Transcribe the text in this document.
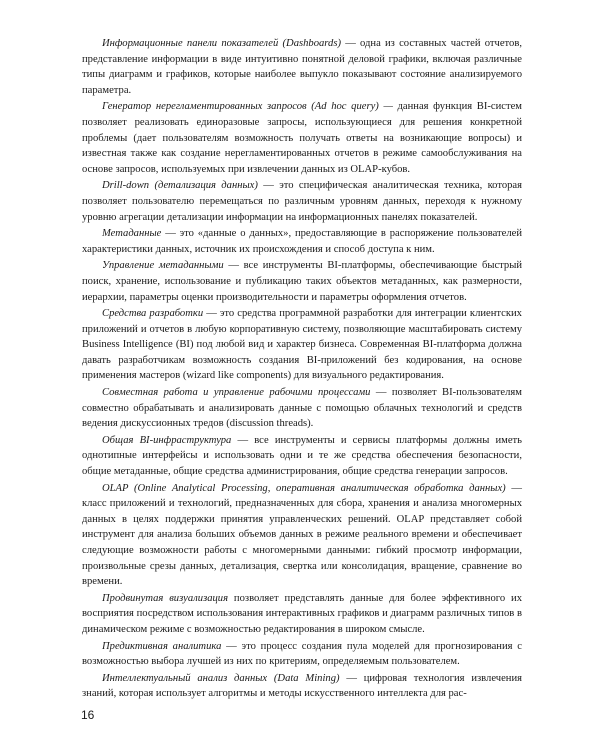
Информационные панели показателей (Dashboards) — одна из составных частей отчетов, представление информации в виде интуитивно понятной деловой графики, включая различные типы диаграмм и графиков, которые наиболее выпукло показывают состояние анализируемого параметра.

Генератор нерегламентированных запросов (Ad hoc query) — данная функция BI-систем позволяет реализовать единоразовые запросы, использующиеся для решения конкретной проблемы (дает пользователям возможность получать ответы на возникающие вопросы) и известная также как создание нерегламентированных отчетов в режиме самообслуживания на основе запросов, используемых при извлечении данных из OLAP-кубов.

Drill-down (детализация данных) — это специфическая аналитическая техника, которая позволяет пользователю перемещаться по различным уровням данных, переходя к нужному уровню агрегации детализации информации на информационных панелях показателей.

Метаданные — это «данные о данных», предоставляющие в распоряжение пользователей характеристики данных, источник их происхождения и способ доступа к ним.

Управление метаданными — все инструменты BI-платформы, обеспечивающие быстрый поиск, хранение, использование и публикацию таких объектов метаданных, как размерности, иерархии, параметры оценки производительности и параметры оформления отчетов.

Средства разработки — это средства программной разработки для интеграции клиентских приложений и отчетов в любую корпоративную систему, позволяющие масштабировать систему Business Intelligence (BI) под любой вид и характер бизнеса. Современная BI-платформа должна давать разработчикам возможность создания BI-приложений без кодирования, на основе применения мастеров (wizard like components) для визуального редактирования.

Совместная работа и управление рабочими процессами — позволяет BI-пользователям совместно обрабатывать и анализировать данные с помощью облачных технологий и средств ведения дискуссионных тредов (discussion threads).

Общая BI-инфраструктура — все инструменты и сервисы платформы должны иметь однотипные интерфейсы и использовать одни и те же средства обеспечения безопасности, общие метаданные, общие средства администрирования, общие средства генерации запросов.

OLAP (Online Analytical Processing, оперативная аналитическая обработка данных) — класс приложений и технологий, предназначенных для сбора, хранения и анализа многомерных данных в целях поддержки принятия управленческих решений. OLAP представляет собой инструмент для анализа больших объемов данных в режиме реального времени и обеспечивает следующие возможности работы с многомерными данными: гибкий просмотр информации, произвольные срезы данных, детализация, свертка или консолидация, вращение, сравнение во времени.

Продвинутая визуализация позволяет представлять данные для более эффективного их восприятия посредством использования интерактивных графиков и диаграмм различных типов в динамическом режиме с возможностью редактирования в широком смысле.

Предиктивная аналитика — это процесс создания пула моделей для прогнозирования с возможностью выбора лучшей из них по критериям, определяемым пользователем.

Интеллектуальный анализ данных (Data Mining) — цифровая технология извлечения знаний, которая использует алгоритмы и методы искусственного интеллекта для рас-

16
